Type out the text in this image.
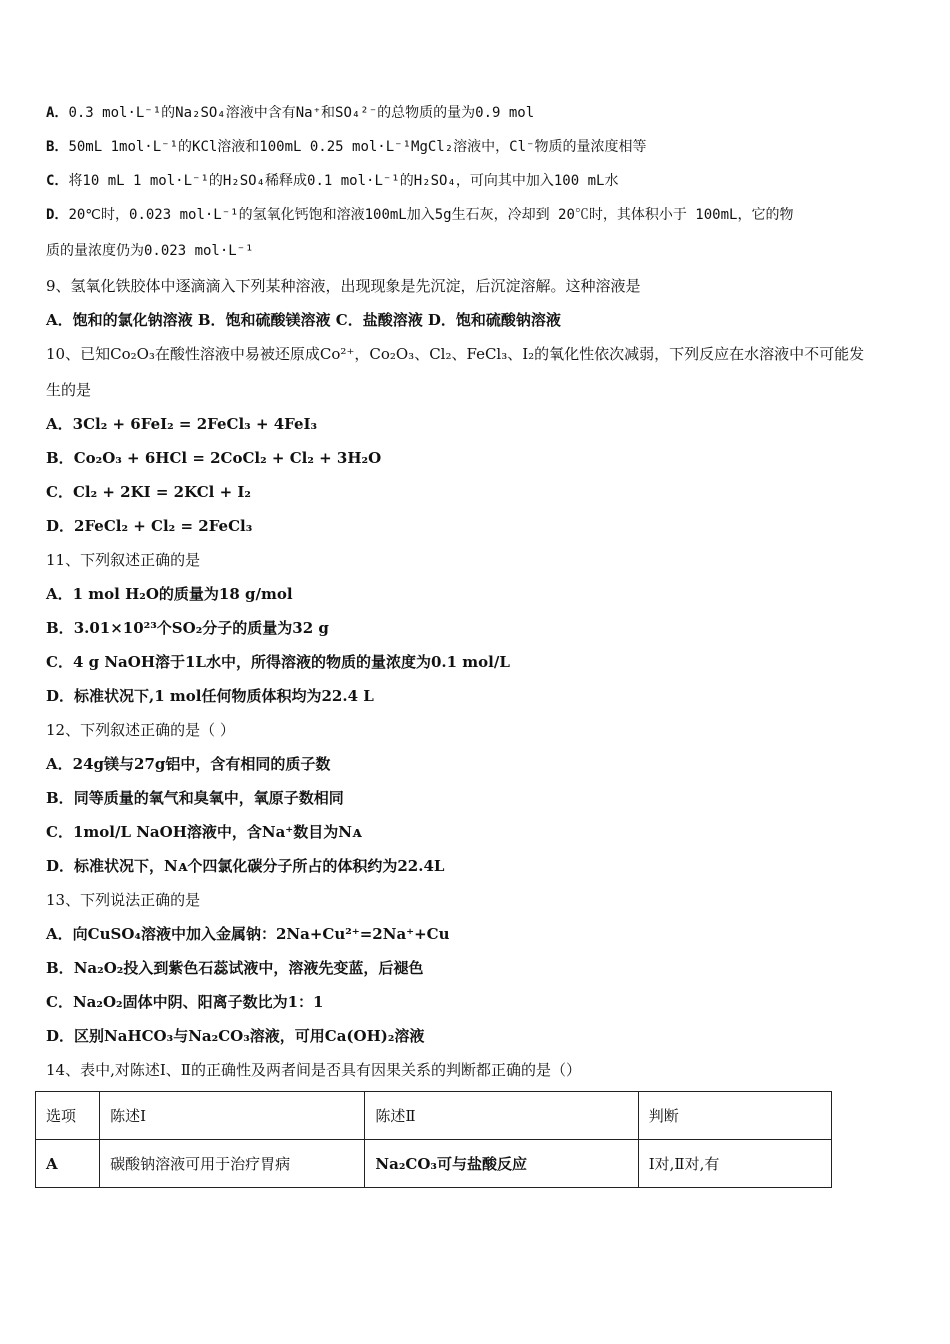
A．0.3 mol·L⁻¹的Na₂SO₄溶液中含有Na⁺和SO₄²⁻的总物质的量为0.9 mol
B．50mL 1mol·L⁻¹的KCl溶液和100mL 0.25 mol·L⁻¹MgCl₂溶液中，Cl⁻物质的量浓度相等
C．将10 mL 1 mol·L⁻¹的H₂SO₄稀释成0.1 mol·L⁻¹的H₂SO₄，可向其中加入100 mL水
D．20℃时，0.023 mol·L⁻¹的氢氧化钙饱和溶液100mL加入5g生石灰，冷却到 20℃时，其体积小于 100mL，它的物
质的量浓度仍为0.023 mol·L⁻¹
9、氢氧化铁胶体中逐滴滴入下列某种溶液，出现现象是先沉淀，后沉淀溶解。这种溶液是
A．饱和的氯化钠溶液 B．饱和硫酸镁溶液 C．盐酸溶液 D．饱和硫酸钠溶液
10、已知Co₂O₃在酸性溶液中易被还原成Co²⁺，Co₂O₃、Cl₂、FeCl₃、I₂的氧化性依次减弱，下列反应在水溶液中不可能发
生的是
A．3Cl₂ + 6FeI₂ = 2FeCl₃ + 4FeI₃
B．Co₂O₃ + 6HCl = 2CoCl₂ + Cl₂ + 3H₂O
C．Cl₂ + 2KI = 2KCl + I₂
D．2FeCl₂ + Cl₂ = 2FeCl₃
11、下列叙述正确的是
A．1 mol H₂O的质量为18 g/mol
B．3.01×10²³个SO₂分子的质量为32 g
C．4 g NaOH溶于1L水中，所得溶液的物质的量浓度为0.1 mol/L
D．标准状况下,1 mol任何物质体积均为22.4 L
12、下列叙述正确的是（ ）
A．24g镁与27g铝中，含有相同的质子数
B．同等质量的氧气和臭氧中，氧原子数相同
C．1mol/L NaOH溶液中，含Na⁺数目为Nᴀ
D．标准状况下，Nᴀ个四氯化碳分子所占的体积约为22.4L
13、下列说法正确的是
A．向CuSO₄溶液中加入金属钠：2Na+Cu²⁺=2Na⁺+Cu
B．Na₂O₂投入到紫色石蕊试液中，溶液先变蓝，后褪色
C．Na₂O₂固体中阴、阳离子数比为1：1
D．区别NaHCO₃与Na₂CO₃溶液，可用Ca(OH)₂溶液
14、表中,对陈述Ⅰ、Ⅱ的正确性及两者间是否具有因果关系的判断都正确的是（）
选项	陈述Ⅰ	陈述Ⅱ	判断
A	碳酸钠溶液可用于治疗胃病	Na₂CO₃可与盐酸反应	Ⅰ对,Ⅱ对,有
